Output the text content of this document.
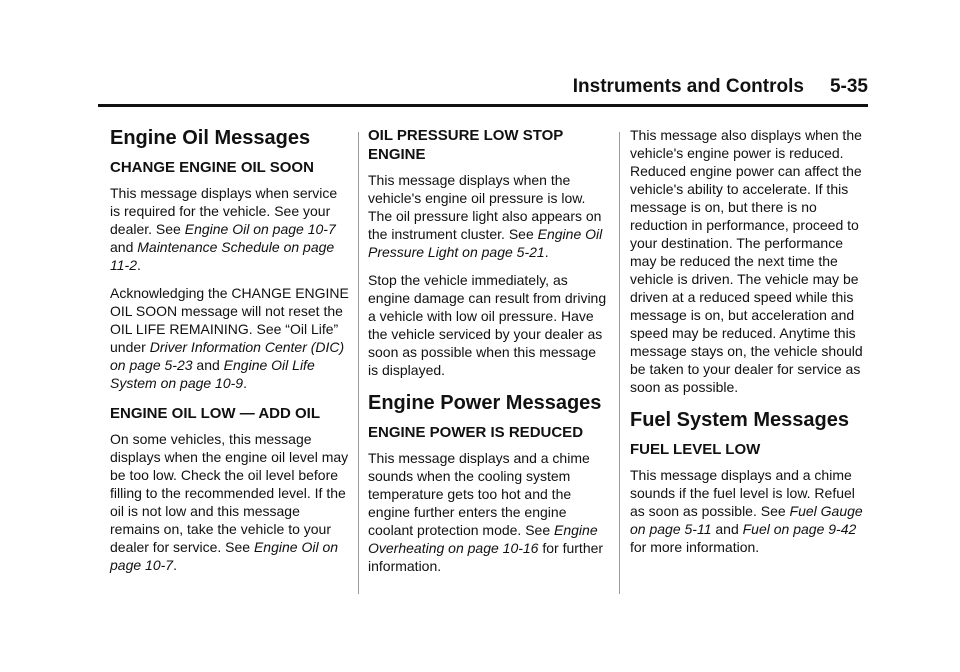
Instruments and Controls 5-35
Engine Oil Messages
CHANGE ENGINE OIL SOON

This message displays when service is required for the vehicle. See your dealer. See Engine Oil on page 10-7 and Maintenance Schedule on page 11-2.

Acknowledging the CHANGE ENGINE OIL SOON message will not reset the OIL LIFE REMAINING. See “Oil Life” under Driver Information Center (DIC) on page 5-23 and Engine Oil Life System on page 10-9.

ENGINE OIL LOW — ADD OIL

On some vehicles, this message displays when the engine oil level may be too low. Check the oil level before filling to the recommended level. If the oil is not low and this message remains on, take the vehicle to your dealer for service. See Engine Oil on page 10-7.

OIL PRESSURE LOW STOP ENGINE

This message displays when the vehicle's engine oil pressure is low. The oil pressure light also appears on the instrument cluster. See Engine Oil Pressure Light on page 5-21.

Stop the vehicle immediately, as engine damage can result from driving a vehicle with low oil pressure. Have the vehicle serviced by your dealer as soon as possible when this message is displayed.

Engine Power Messages
ENGINE POWER IS REDUCED

This message displays and a chime sounds when the cooling system temperature gets too hot and the engine further enters the engine coolant protection mode. See Engine Overheating on page 10-16 for further information.

This message also displays when the vehicle's engine power is reduced. Reduced engine power can affect the vehicle's ability to accelerate. If this message is on, but there is no reduction in performance, proceed to your destination. The performance may be reduced the next time the vehicle is driven. The vehicle may be driven at a reduced speed while this message is on, but acceleration and speed may be reduced. Anytime this message stays on, the vehicle should be taken to your dealer for service as soon as possible.

Fuel System Messages
FUEL LEVEL LOW

This message displays and a chime sounds if the fuel level is low. Refuel as soon as possible. See Fuel Gauge on page 5-11 and Fuel on page 9-42 for more information.
